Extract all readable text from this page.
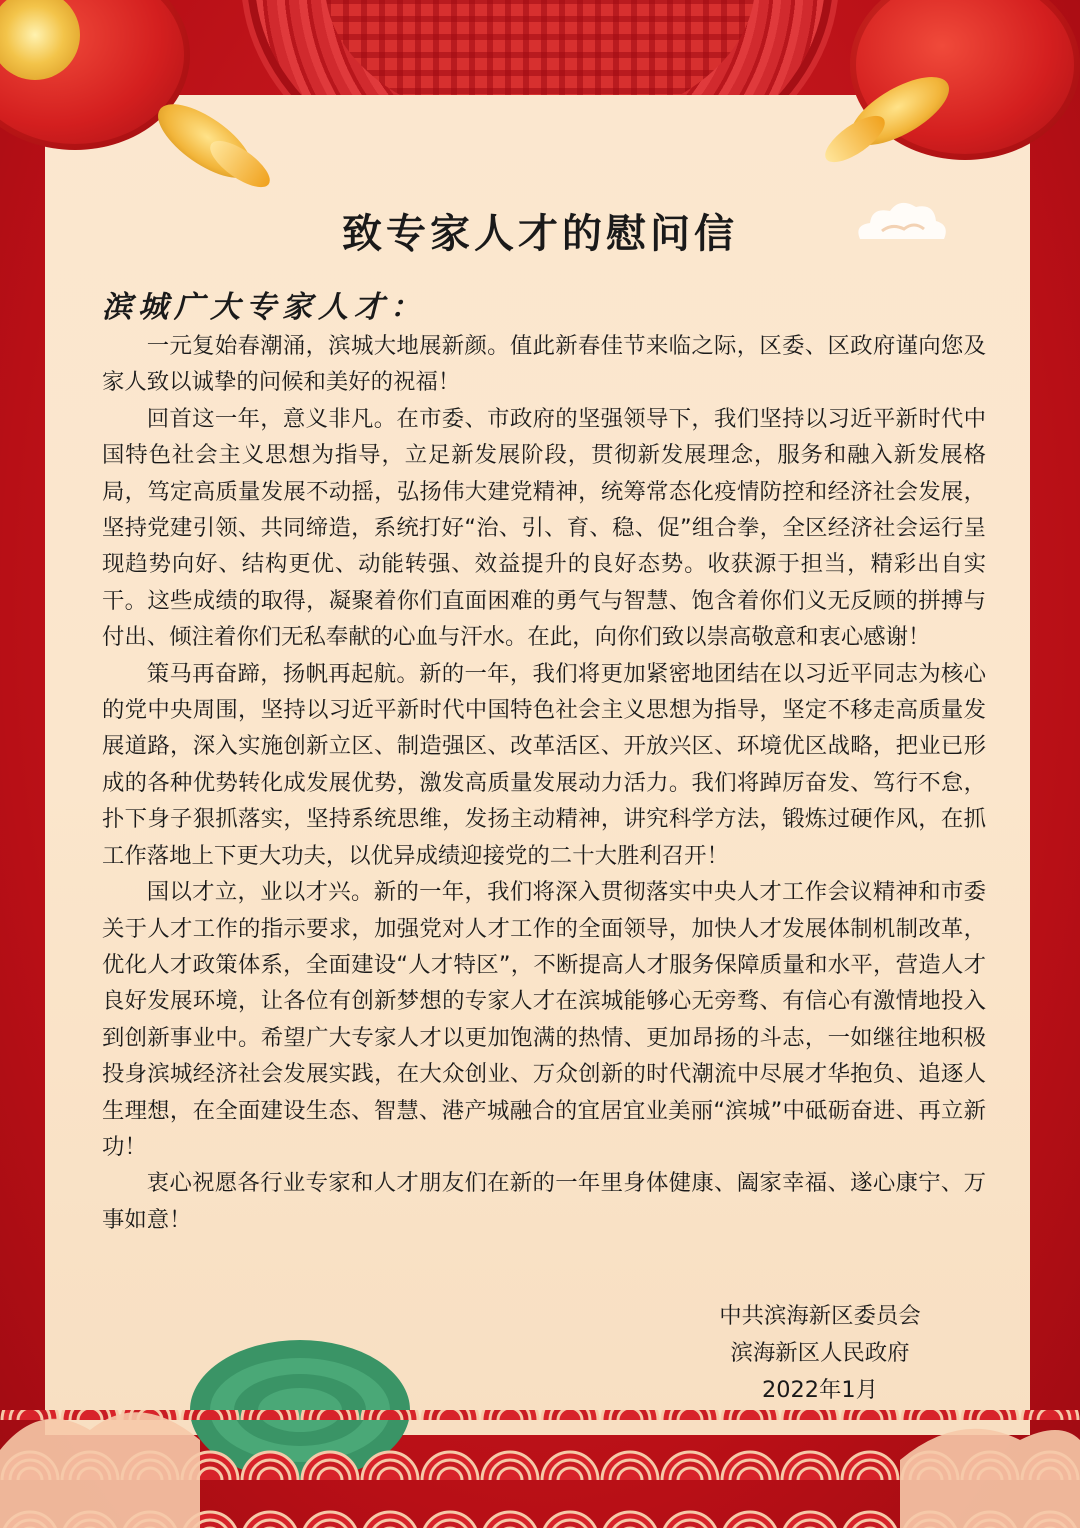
致专家人才的慰问信
滨城广大专家人才：

一元复始春潮涌，滨城大地展新颜。值此新春佳节来临之际，区委、区政府谨向您及家人致以诚挚的问候和美好的祝福！

回首这一年，意义非凡。在市委、市政府的坚强领导下，我们坚持以习近平新时代中国特色社会主义思想为指导，立足新发展阶段，贯彻新发展理念，服务和融入新发展格局，笃定高质量发展不动摇，弘扬伟大建党精神，统筹常态化疫情防控和经济社会发展，坚持党建引领、共同缔造，系统打好“治、引、育、稳、促”组合拳，全区经济社会运行呈现趋势向好、结构更优、动能转强、效益提升的良好态势。收获源于担当，精彩出自实干。这些成绩的取得，凝聚着你们直面困难的勇气与智慧、饱含着你们义无反顾的拼搏与付出、倾注着你们无私奉献的心血与汗水。在此，向你们致以崇高敬意和衷心感谢！

策马再奋蹄，扬帆再起航。新的一年，我们将更加紧密地团结在以习近平同志为核心的党中央周围，坚持以习近平新时代中国特色社会主义思想为指导，坚定不移走高质量发展道路，深入实施创新立区、制造强区、改革活区、开放兴区、环境优区战略，把业已形成的各种优势转化成发展优势，激发高质量发展动力活力。我们将踔厉奋发、笃行不怠，扑下身子狠抓落实，坚持系统思维，发扬主动精神，讲究科学方法，锻炼过硬作风，在抓工作落地上下更大功夫，以优异成绩迎接党的二十大胜利召开！

国以才立，业以才兴。新的一年，我们将深入贯彻落实中央人才工作会议精神和市委关于人才工作的指示要求，加强党对人才工作的全面领导，加快人才发展体制机制改革，优化人才政策体系，全面建设“人才特区”，不断提高人才服务保障质量和水平，营造人才良好发展环境，让各位有创新梦想的专家人才在滨城能够心无旁骛、有信心有激情地投入到创新事业中。希望广大专家人才以更加饱满的热情、更加昂扬的斗志，一如继往地积极投身滨城经济社会发展实践，在大众创业、万众创新的时代潮流中尽展才华抱负、追逐人生理想，在全面建设生态、智慧、港产城融合的宜居宜业美丽“滨城”中砥砺奋进、再立新功！

衷心祝愿各行业专家和人才朋友们在新的一年里身体健康、阖家幸福、遂心康宁、万事如意！

中共滨海新区委员会
滨海新区人民政府
2022年1月
